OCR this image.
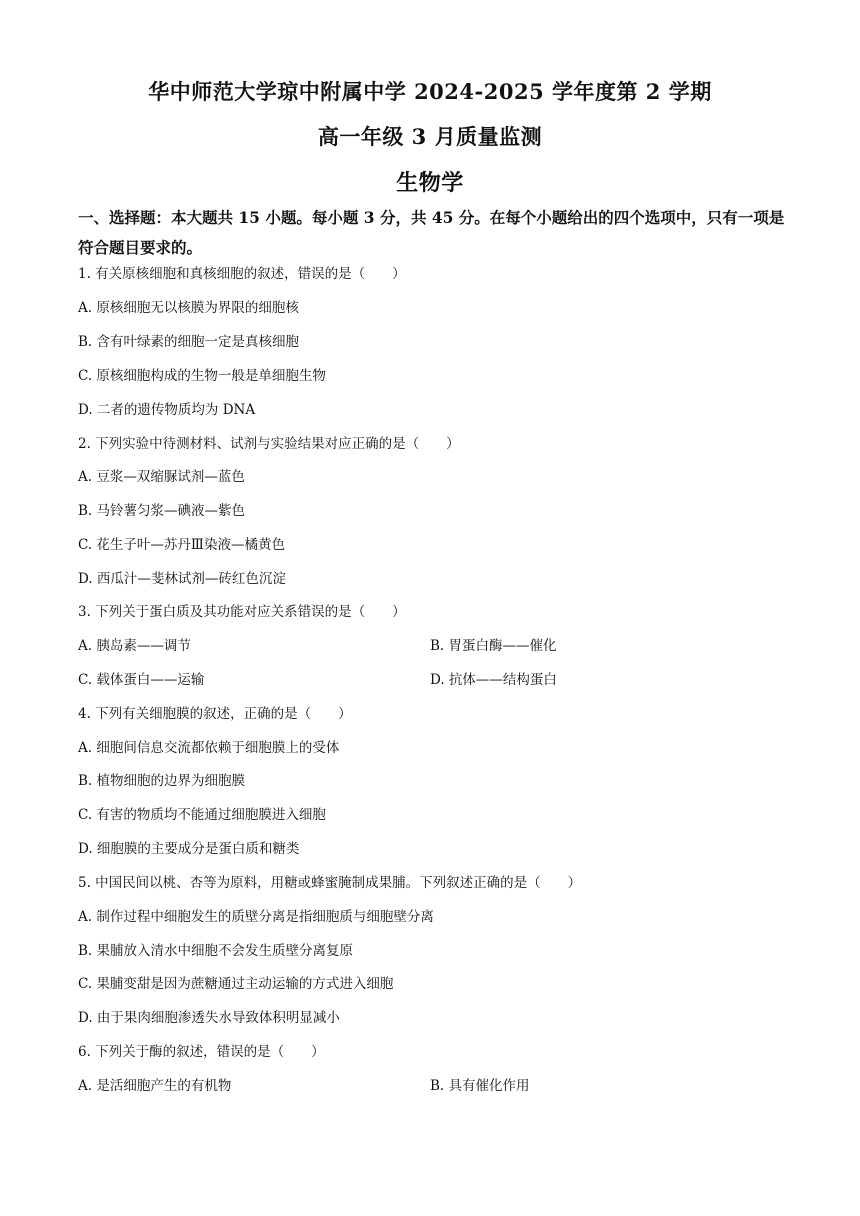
华中师范大学琼中附属中学 2024-2025 学年度第 2 学期
高一年级 3 月质量监测
生物学
一、选择题：本大题共 15 小题。每小题 3 分，共 45 分。在每个小题给出的四个选项中，只有一项是符合题目要求的。
1. 有关原核细胞和真核细胞的叙述，错误的是（　　）
A. 原核细胞无以核膜为界限的细胞核
B. 含有叶绿素的细胞一定是真核细胞
C. 原核细胞构成的生物一般是单细胞生物
D. 二者的遗传物质均为 DNA
2. 下列实验中待测材料、试剂与实验结果对应正确的是（　　）
A. 豆浆—双缩脲试剂—蓝色
B. 马铃薯匀浆—碘液—紫色
C. 花生子叶—苏丹Ⅲ染液—橘黄色
D. 西瓜汁—斐林试剂—砖红色沉淀
3. 下列关于蛋白质及其功能对应关系错误的是（　　）
A. 胰岛素——调节	B. 胃蛋白酶——催化
C. 载体蛋白——运输	D. 抗体——结构蛋白
4. 下列有关细胞膜的叙述，正确的是（　　）
A. 细胞间信息交流都依赖于细胞膜上的受体
B. 植物细胞的边界为细胞膜
C. 有害的物质均不能通过细胞膜进入细胞
D. 细胞膜的主要成分是蛋白质和糖类
5. 中国民间以桃、杏等为原料，用糖或蜂蜜腌制成果脯。下列叙述正确的是（　　）
A. 制作过程中细胞发生的质壁分离是指细胞质与细胞壁分离
B. 果脯放入清水中细胞不会发生质壁分离复原
C. 果脯变甜是因为蔗糖通过主动运输的方式进入细胞
D. 由于果肉细胞渗透失水导致体积明显减小
6. 下列关于酶的叙述，错误的是（　　）
A. 是活细胞产生的有机物	B. 具有催化作用
